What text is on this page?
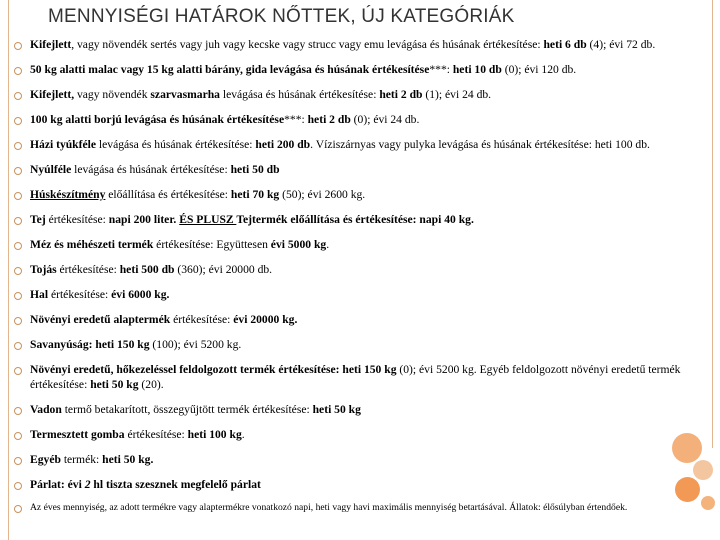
MENNYISÉGI HATÁROK NŐTTEK, ÚJ KATEGÓRIÁK
Kifejlett, vagy növendék sertés vagy juh vagy kecske vagy strucc vagy emu levágása és húsának értékesítése: heti 6 db (4); évi 72 db.
50 kg alatti malac vagy 15 kg alatti bárány, gida levágása és húsának értékesítése***: heti 10 db (0); évi 120 db.
Kifejlett, vagy növendék szarvasmarha levágása és húsának értékesítése: heti 2 db (1); évi 24 db.
100 kg alatti borjú levágása és húsának értékesítése***: heti 2 db (0); évi 24 db.
Házi tyúkféle levágása és húsának értékesítése: heti 200 db. Víziszárnyas vagy pulyka levágása és húsának értékesítése: heti 100 db.
Nyúlféle levágása és húsának értékesítése: heti 50 db
Húskészítmény előállítása és értékesítése: heti 70 kg (50); évi 2600 kg.
Tej értékesítése: napi 200 liter. ÉS PLUSZ Tejtermék előállítása és értékesítése: napi 40 kg.
Méz és méhészeti termék értékesítése: Együttesen évi 5000 kg.
Tojás értékesítése: heti 500 db (360); évi 20000 db.
Hal értékesítése: évi 6000 kg.
Növényi eredetű alaptermék értékesítése: évi 20000 kg.
Savanyúság: heti 150 kg (100); évi 5200 kg.
Növényi eredetű, hőkezeléssel feldolgozott termék értékesítése: heti 150 kg (0); évi 5200 kg. Egyéb feldolgozott növényi eredetű termék értékesítése: heti 50 kg (20).
Vadon termő betakarított, összegyűjtött termék értékesítése: heti 50 kg
Termesztett gomba értékesítése: heti 100 kg.
Egyéb termék: heti 50 kg.
Párlat: évi 2 hl tiszta szesznek megfelelő párlat
Az éves mennyiség, az adott termékre vagy alaptermékre vonatkozó napi, heti vagy havi maximális mennyiség betartásával. Állatok: élősúlyban értendőek.
